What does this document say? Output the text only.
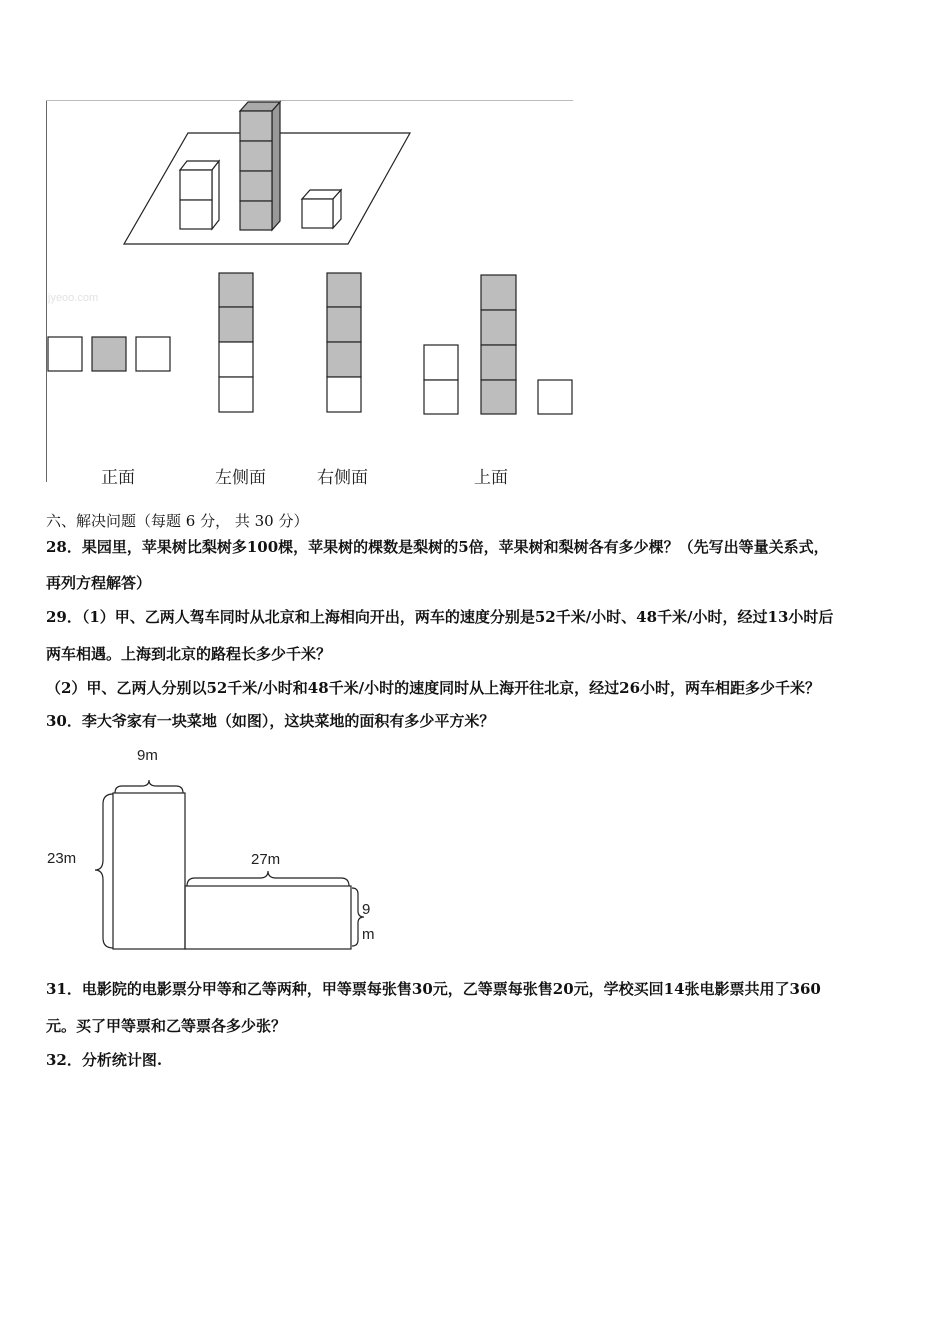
jyeoo.com
正面	左侧面	右侧面	上面
六、解决问题（每题 6 分， 共 30 分）
28．果园里，苹果树比梨树多100棵，苹果树的棵数是梨树的5倍，苹果树和梨树各有多少棵？（先写出等量关系式，
再列方程解答）
29．（1）甲、乙两人驾车同时从北京和上海相向开出，两车的速度分别是52千米/小时、48千米/小时，经过13小时后
两车相遇。上海到北京的路程长多少千米？
（2）甲、乙两人分别以52千米/小时和48千米/小时的速度同时从上海开往北京，经过26小时，两车相距多少千米？
30．李大爷家有一块菜地（如图），这块菜地的面积有多少平方米？
9m
23m	27m
9
m
31．电影院的电影票分甲等和乙等两种，甲等票每张售30元，乙等票每张售20元，学校买回14张电影票共用了360
元。买了甲等票和乙等票各多少张？
32．分析统计图.
